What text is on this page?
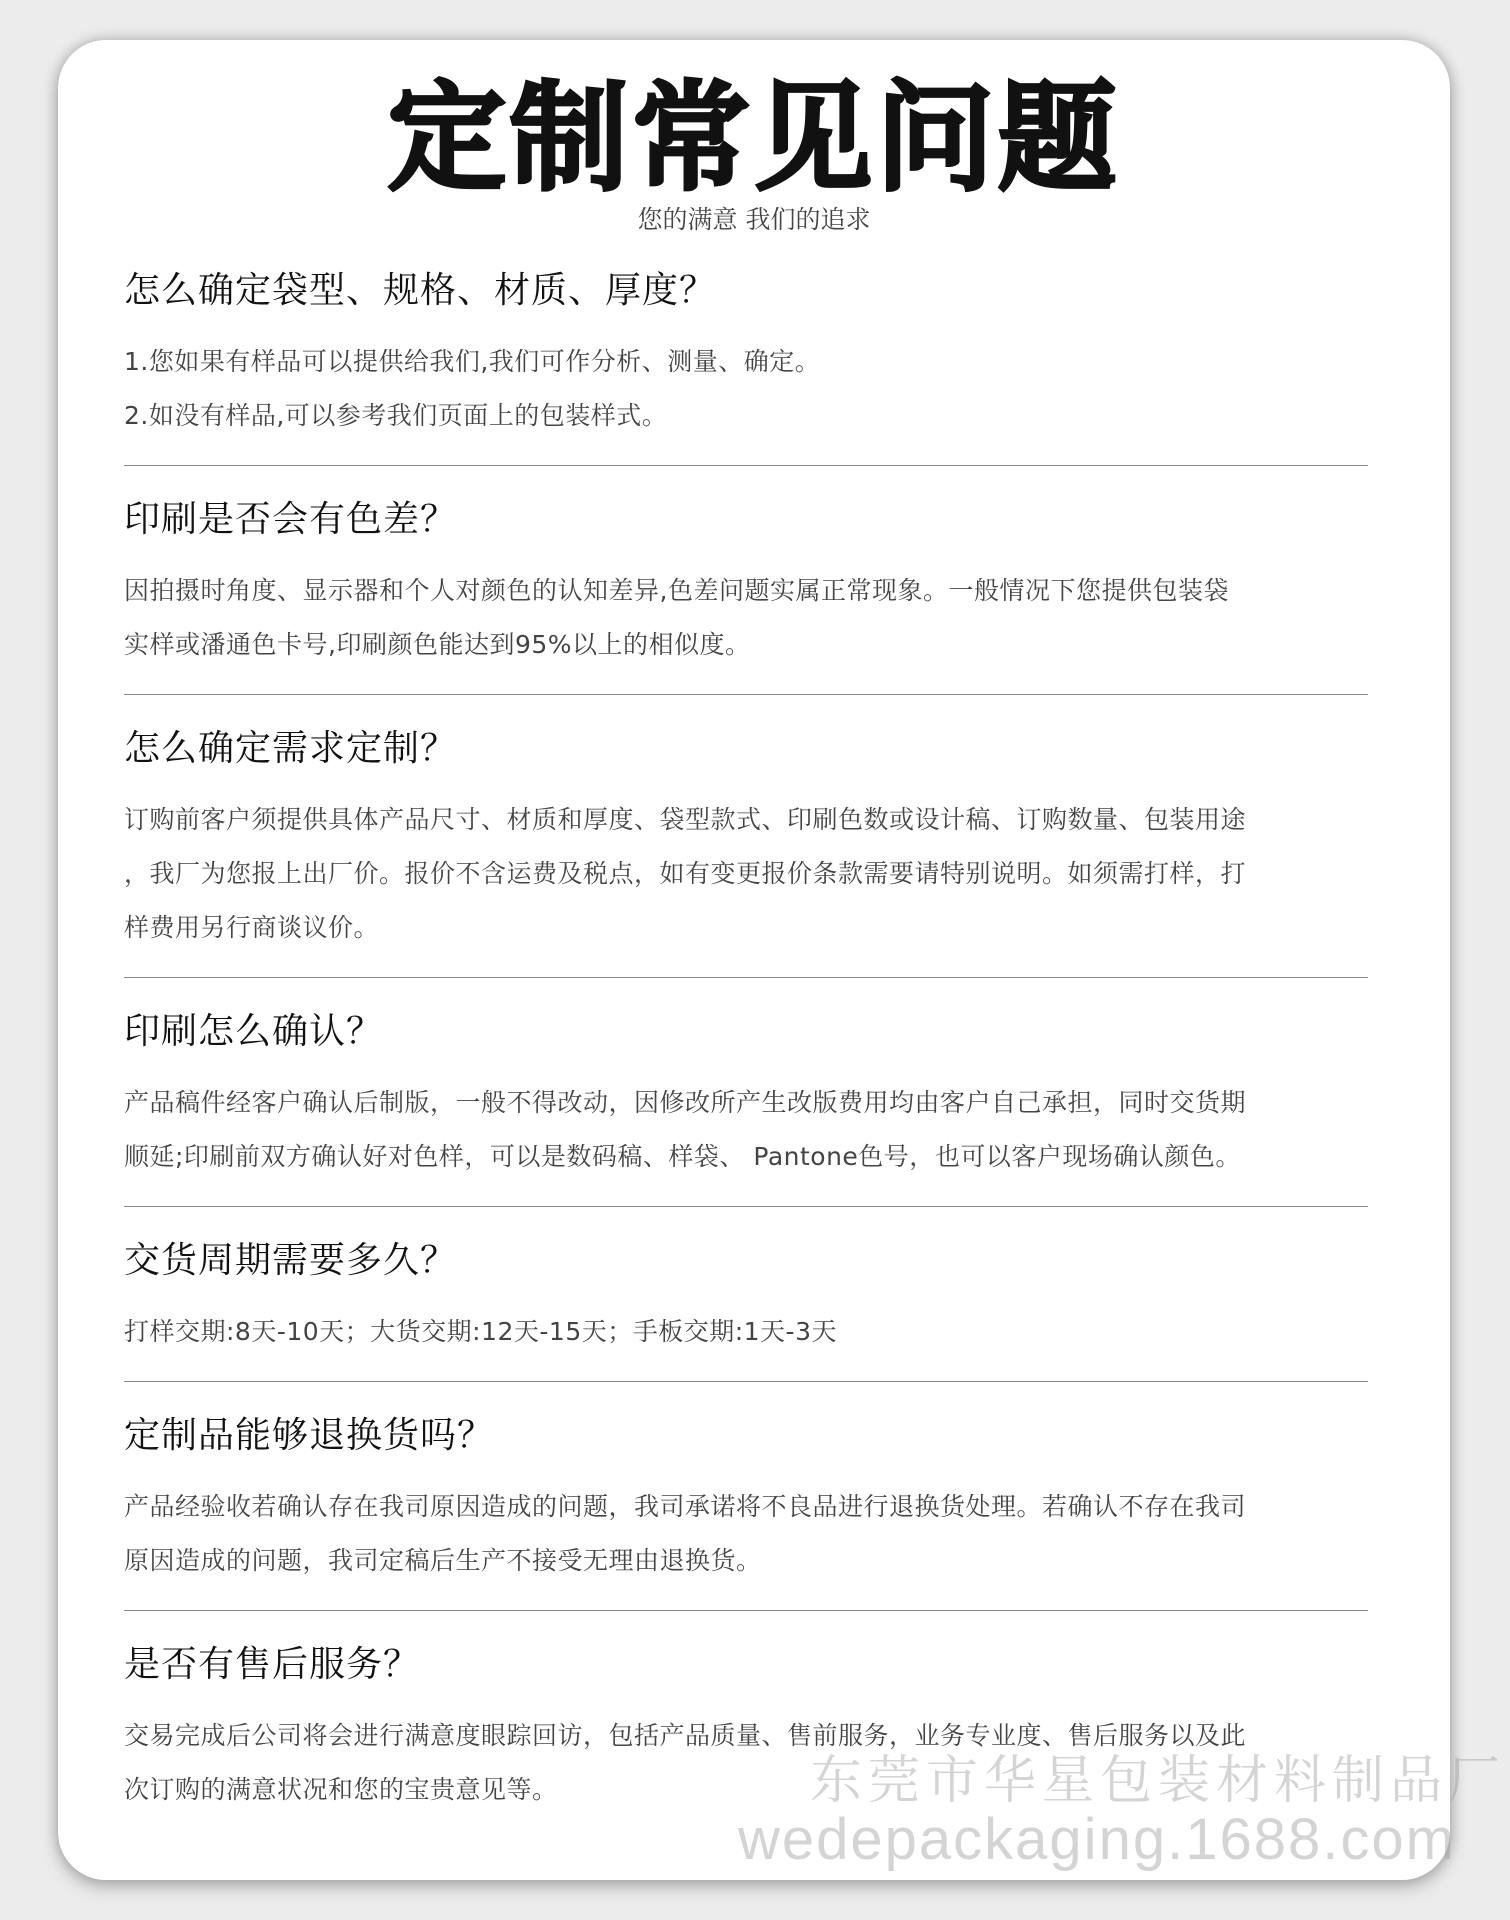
定制常见问题
您的满意 我们的追求
怎么确定袋型、规格、材质、厚度？
1.您如果有样品可以提供给我们,我们可作分析、测量、确定。
2.如没有样品,可以参考我们页面上的包装样式。
印刷是否会有色差？
因拍摄时角度、显示器和个人对颜色的认知差异,色差问题实属正常现象。一般情况下您提供包装袋
实样或潘通色卡号,印刷颜色能达到95%以上的相似度。
怎么确定需求定制？
订购前客户须提供具体产品尺寸、材质和厚度、袋型款式、印刷色数或设计稿、订购数量、包装用途
，我厂为您报上出厂价。报价不含运费及税点，如有变更报价条款需要请特别说明。如须需打样，打
样费用另行商谈议价。
印刷怎么确认？
产品稿件经客户确认后制版，一般不得改动，因修改所产生改版费用均由客户自己承担，同时交货期
顺延;印刷前双方确认好对色样，可以是数码稿、样袋、 Pantone色号，也可以客户现场确认颜色。
交货周期需要多久？
打样交期:8天-10天；大货交期:12天-15天；手板交期:1天-3天
定制品能够退换货吗？
产品经验收若确认存在我司原因造成的问题，我司承诺将不良品进行退换货处理。若确认不存在我司
原因造成的问题，我司定稿后生产不接受无理由退换货。
是否有售后服务？
交易完成后公司将会进行满意度眼踪回访，包括产品质量、售前服务，业务专业度、售后服务以及此
次订购的满意状况和您的宝贵意见等。	东莞市华星包装材料制品厂
wedepackaging.1688.com
